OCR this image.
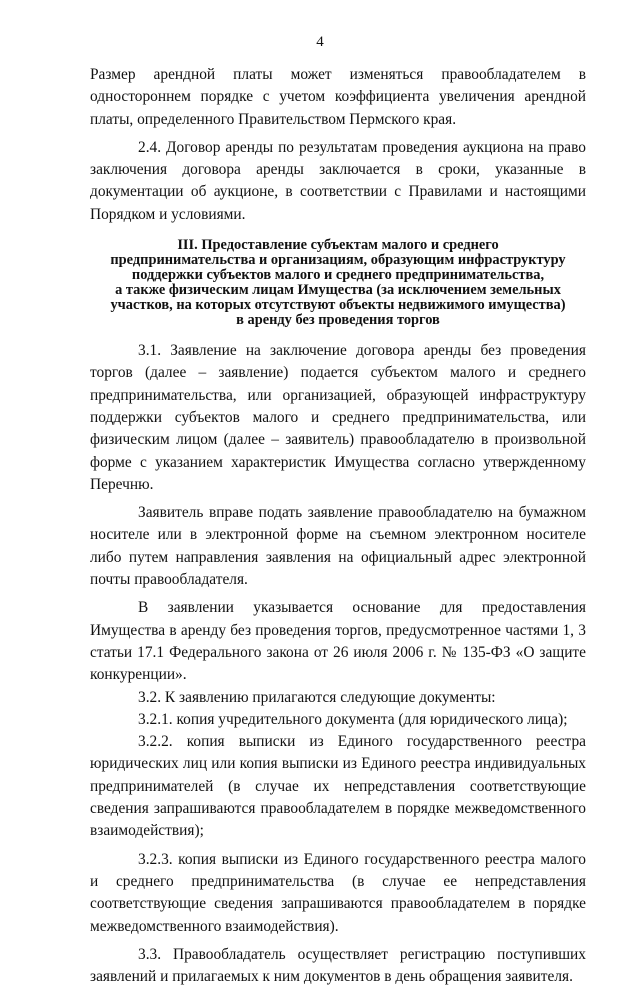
4

Размер арендной платы может изменяться правообладателем в одностороннем порядке с учетом коэффициента увеличения арендной платы, определенного Правительством Пермского края.

2.4. Договор аренды по результатам проведения аукциона на право заключения договора аренды заключается в сроки, указанные в документации об аукционе, в соответствии с Правилами и настоящими Порядком и условиями.

III. Предоставление субъектам малого и среднего
предпринимательства и организациям, образующим инфраструктуру
поддержки субъектов малого и среднего предпринимательства,
а также физическим лицам Имущества (за исключением земельных
участков, на которых отсутствуют объекты недвижимого имущества)
в аренду без проведения торгов

3.1. Заявление на заключение договора аренды без проведения торгов (далее – заявление) подается субъектом малого и среднего предпринимательства, или организацией, образующей инфраструктуру поддержки субъектов малого и среднего предпринимательства, или физическим лицом (далее – заявитель) правообладателю в произвольной форме с указанием характеристик Имущества согласно утвержденному Перечню.

Заявитель вправе подать заявление правообладателю на бумажном носителе или в электронной форме на съемном электронном носителе либо путем направления заявления на официальный адрес электронной почты правообладателя.

В заявлении указывается основание для предоставления Имущества в аренду без проведения торгов, предусмотренное частями 1, 3 статьи 17.1 Федерального закона от 26 июля 2006 г. № 135-ФЗ «О защите конкуренции».

3.2. К заявлению прилагаются следующие документы:

3.2.1. копия учредительного документа (для юридического лица);

3.2.2. копия выписки из Единого государственного реестра юридических лиц или копия выписки из Единого реестра индивидуальных предпринимателей (в случае их непредставления соответствующие сведения запрашиваются правообладателем в порядке межведомственного взаимодействия);

3.2.3. копия выписки из Единого государственного реестра малого и среднего предпринимательства (в случае ее непредставления соответствующие сведения запрашиваются правообладателем в порядке межведомственного взаимодействия).

3.3. Правообладатель осуществляет регистрацию поступивших заявлений и прилагаемых к ним документов в день обращения заявителя.
